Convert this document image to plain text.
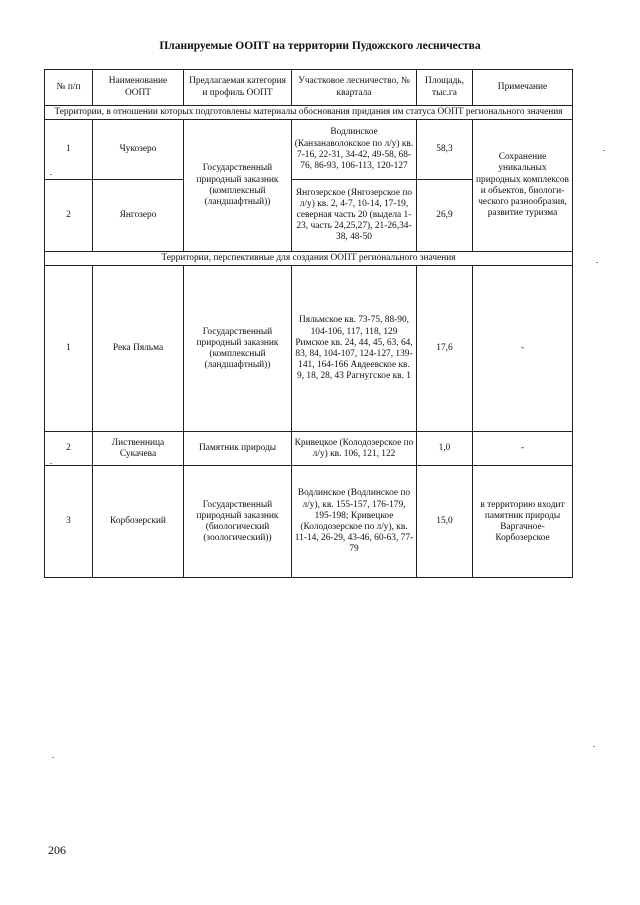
Планируемые ООПТ на территории Пудожского лесничества
№ п/п	Наименование ООПТ	Предлагаемая категория и профиль ООПТ	Участковое лесничество, № квартала	Площадь, тыс.га	Примечание
Территории, в отношении которых подготовлены материалы обоснования придания им статуса ООПТ регионального значения					
1	Чукозеро	Государственный природный заказник (комплексный (ландшафтный))	Водлинское (Канзанаволокское по л/у) кв. 7-16, 22-31, 34-42, 49-58, 68-76, 86-93, 106-113, 120-127	58,3	Сохранение уникальных природных комплексов и объектов, биологи-ческого разнообразия, развитие туризма
2	Янгозеро		Янгозерское (Янгозерское по л/у) кв. 2, 4-7, 10-14, 17-19, северная часть 20 (выдела 1-23, часть 24,25,27), 21-26,34-38, 48-50	26,9	
Территории, перспективные для создания ООПТ регионального значения					
1	Река Пяльма	Государственный природный заказник (комплексный (ландшафтный))	Пяльмское кв. 73-75, 88-90, 104-106, 117, 118, 129 Римское кв. 24, 44, 45, 63, 64, 83, 84, 104-107, 124-127, 139-141, 164-166 Авдеевское кв. 9, 18, 28, 43 Рагнугское кв. 1	17,6	-
2	Лиственница Сукачева	Памятник природы	Кривецкое (Колодозерское по л/у) кв. 106, 121, 122	1,0	-
3	Корбозерский	Государственный природный заказник (биологический (зоологический))	Водлинское (Водлинское по л/у), кв. 155-157, 176-179, 195-198; Кривецкое (Колодозерское по л/у), кв. 11-14, 26-29, 43-46, 60-63, 77-79	15,0	в территорию входит памятник природы Варгачное-Корбозерское
206
